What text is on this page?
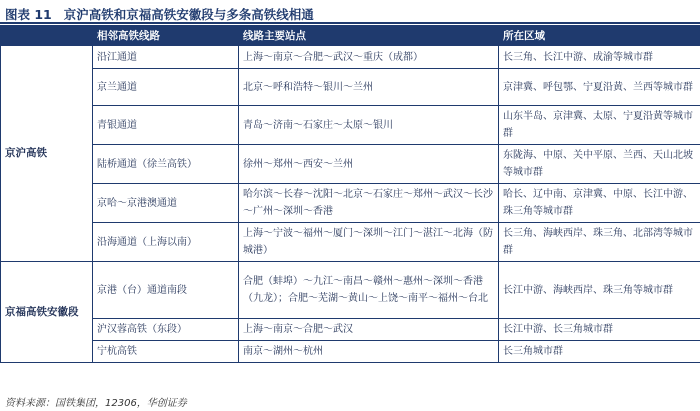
图表 11 京沪高铁和京福高铁安徽段与多条高铁线相通
	相邻高铁线路	线路主要站点	所在区域
京沪高铁	沿江通道	上海～南京～合肥～武汉～重庆（成都）	长三角、长江中游、成渝等城市群
	京兰通道	北京～呼和浩特～银川～兰州	京津冀、呼包鄂、宁夏沿黄、兰西等城市群
	青银通道	青岛～济南～石家庄～太原～银川	山东半岛、京津冀、太原、宁夏沿黄等城市群
	陆桥通道（徐兰高铁）	徐州～郑州～西安～兰州	东陇海、中原、关中平原、兰西、天山北坡等城市群
	京哈～京港澳通道	哈尔滨～长春～沈阳～北京～石家庄～郑州～武汉～长沙～广州～深圳～香港	哈长、辽中南、京津冀、中原、长江中游、珠三角等城市群
	沿海通道（上海以南）	上海～宁波～福州～厦门～深圳～江门～湛江～北海（防城港）	长三角、海峡西岸、珠三角、北部湾等城市群
京福高铁安徽段	京港（台）通道南段	合肥（蚌埠）～九江～南昌～赣州～惠州～深圳～香港（九龙）；合肥～芜湖～黄山～上饶～南平～福州～台北	长江中游、海峡西岸、珠三角等城市群
	沪汉蓉高铁（东段）	上海～南京～合肥～武汉	长江中游、长三角城市群
	宁杭高铁	南京～湖州～杭州	长三角城市群
资料来源：国铁集团，12306，华创证券
